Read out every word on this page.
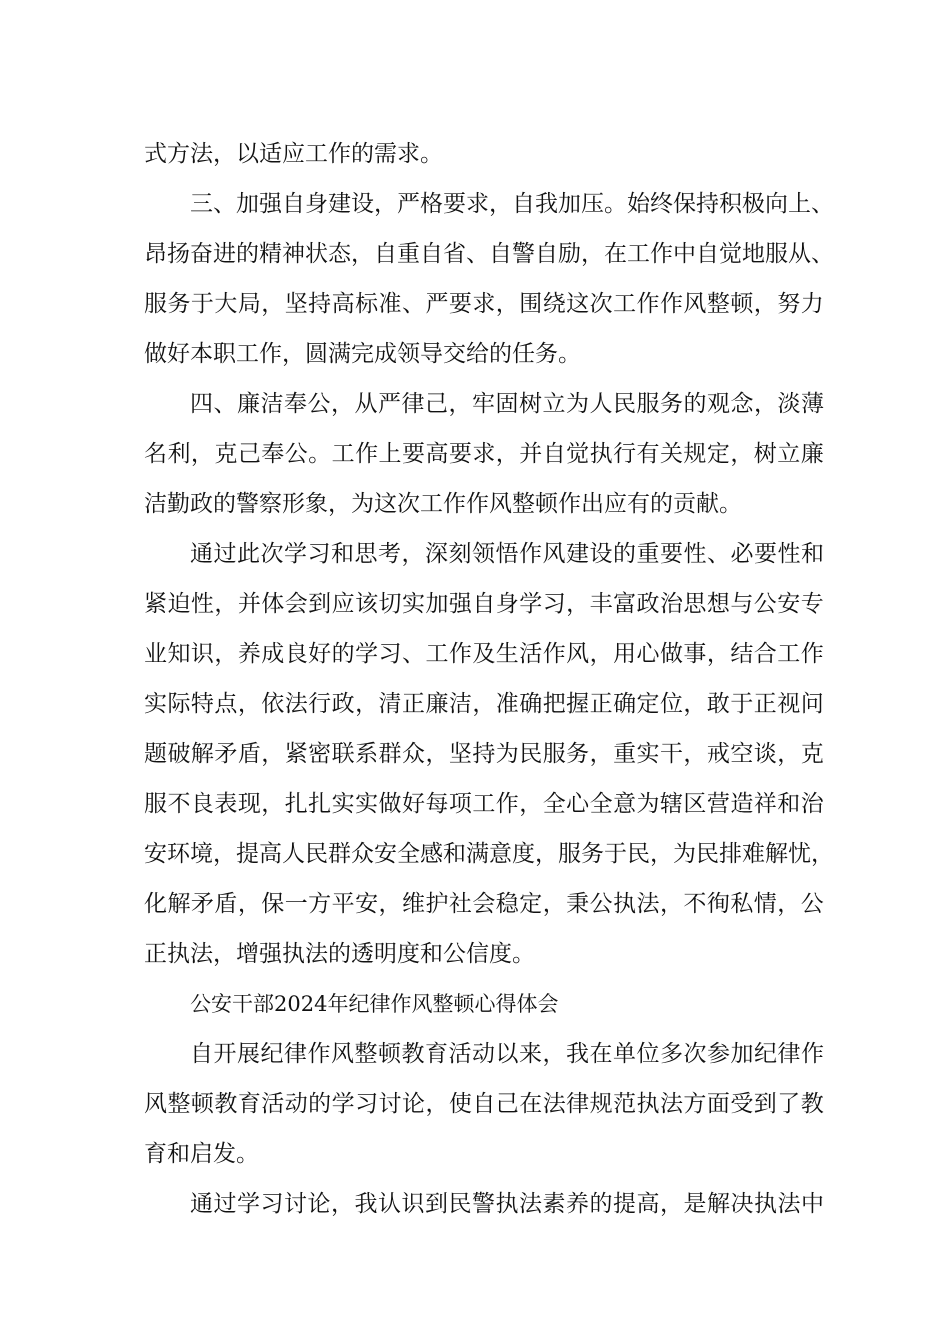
式方法，以适应工作的需求。
三 、 加 强 自 身 建 设 ， 严 格 要 求 ， 自 我 加 压 。 始 终 保 持 积 极 向 上 、
昂 扬 奋 进 的 精 神 状 态 ， 自 重 自 省 、 自 警 自 励 ， 在 工 作 中 自 觉 地 服 从 、
服 务 于 大 局 ， 坚 持 高 标 准 、 严 要 求 ， 围 绕 这 次 工 作 作 风 整 顿 ， 努 力
做好本职工作，圆满完成领导交给的任务。
四 、 廉 洁 奉 公 ， 从 严 律 己 ， 牢 固 树 立 为 人 民 服 务 的 观 念 ， 淡 薄
名 利 ， 克 己 奉 公 。 工 作 上 要 高 要 求 ， 并 自 觉 执 行 有 关 规 定 ， 树 立 廉
洁勤政的警察形象，为这次工作作风整顿作出应有的贡献。
通 过 此 次 学 习 和 思 考 ， 深 刻 领 悟 作 风 建 设 的 重 要 性 、 必 要 性 和
紧 迫 性 ， 并 体 会 到 应 该 切 实 加 强 自 身 学 习 ， 丰 富 政 治 思 想 与 公 安 专
业 知 识 ， 养 成 良 好 的 学 习 、 工 作 及 生 活 作 风 ， 用 心 做 事 ， 结 合 工 作
实 际 特 点 ， 依 法 行 政 ， 清 正 廉 洁 ， 准 确 把 握 正 确 定 位 ， 敢 于 正 视 问
题 破 解 矛 盾 ， 紧 密 联 系 群 众 ， 坚 持 为 民 服 务 ， 重 实 干 ， 戒 空 谈 ， 克
服 不 良 表 现 ， 扎 扎 实 实 做 好 每 项 工 作 ， 全 心 全 意 为 辖 区 营 造 祥 和 治
安 环 境 ， 提 高 人 民 群 众 安 全 感 和 满 意 度 ， 服 务 于 民 ， 为 民 排 难 解 忧 ，
化 解 矛 盾 ， 保 一 方 平 安 ， 维 护 社 会 稳 定 ， 秉 公 执 法 ， 不 徇 私 情 ， 公
正执法，增强执法的透明度和公信度。
公安干部2024年纪律作风整顿心得体会
自 开 展 纪 律 作 风 整 顿 教 育 活 动 以 来 ， 我 在 单 位 多 次 参 加 纪 律 作
风 整 顿 教 育 活 动 的 学 习 讨 论 ， 使 自 己 在 法 律 规 范 执 法 方 面 受 到 了 教
育和启发。
通 过 学 习 讨 论 ， 我 认 识 到 民 警 执 法 素 养 的 提 高 ， 是 解 决 执 法 中
